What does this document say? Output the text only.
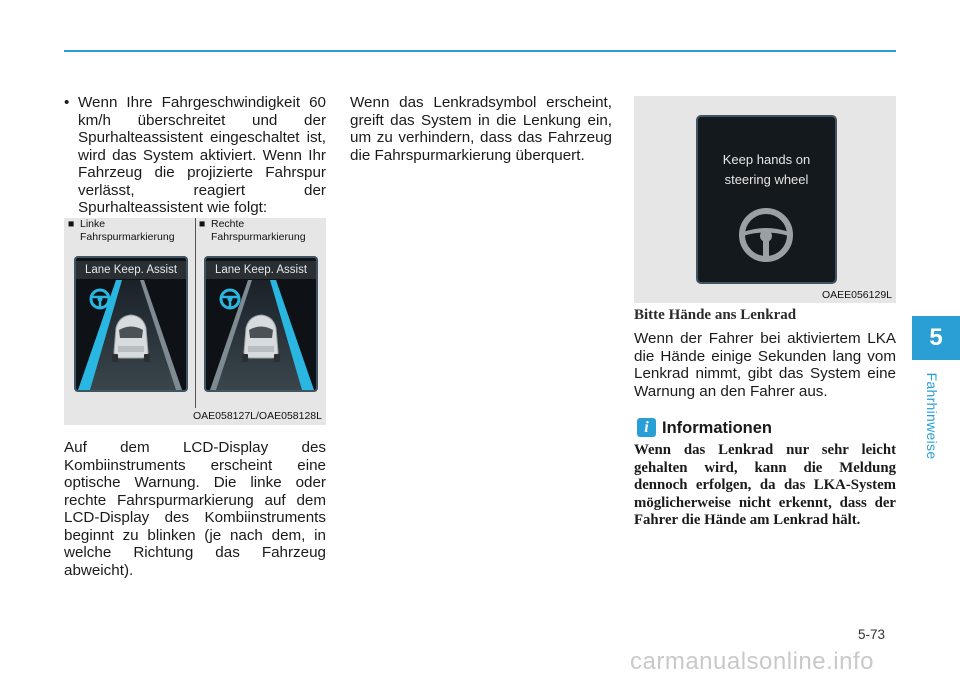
• Wenn Ihre Fahrgeschwindigkeit 60 km/h überschreitet und der Spurhalteassistent eingeschaltet ist, wird das System aktiviert. Wenn Ihr Fahrzeug die projizierte Fahrspur verlässt, reagiert der Spurhalteassistent wie folgt:
■ Linke Fahrspurmarkierung
■ Rechte Fahrspurmarkierung
Lane Keep. Assist	Lane Keep. Assist
OAE058127L/OAE058128L
Auf dem LCD-Display des Kombiinstruments erscheint eine optische Warnung. Die linke oder rechte Fahrspurmarkierung auf dem LCD-Display des Kombiinstruments beginnt zu blinken (je nach dem, in welche Richtung das Fahrzeug abweicht).
Wenn das Lenkradsymbol erscheint, greift das System in die Lenkung ein, um zu verhindern, dass das Fahrzeug die Fahrspurmarkierung überquert.	Keep hands on
steering wheel
OAEE056129L
Bitte Hände ans Lenkrad
Wenn der Fahrer bei aktiviertem LKA die Hände einige Sekunden lang vom Lenkrad nimmt, gibt das System eine Warnung an den Fahrer aus.
i Informationen
Wenn das Lenkrad nur sehr leicht gehalten wird, kann die Meldung dennoch erfolgen, da das LKA-System möglicherweise nicht erkennt, dass der Fahrer die Hände am Lenkrad hält.
5
Fahrhinweise
5-73
carmanualsonline.info
